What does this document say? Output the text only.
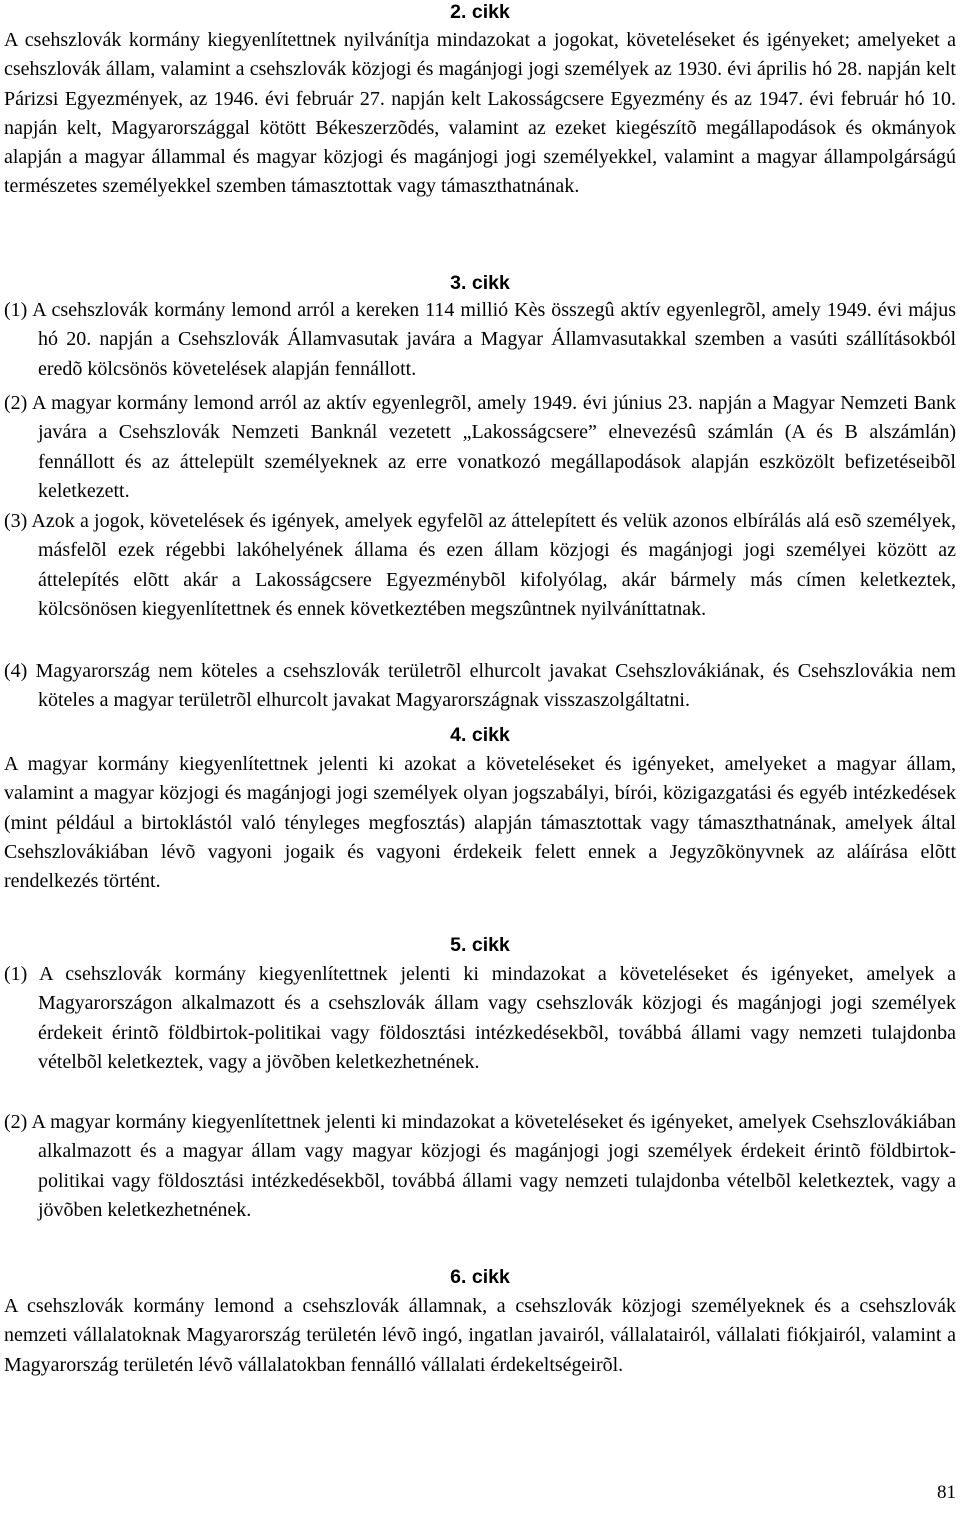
2. cikk
A csehszlovák kormány kiegyenlítettnek nyilvánítja mindazokat a jogokat, követeléseket és igényeket; amelyeket a csehszlovák állam, valamint a csehszlovák közjogi és magánjogi jogi személyek az 1930. évi április hó 28. napján kelt Párizsi Egyezmények, az 1946. évi február 27. napján kelt Lakosságcsere Egyezmény és az 1947. évi február hó 10. napján kelt, Magyarországgal kötött Békeszerzõdés, valamint az ezeket kiegészítõ megállapodások és okmányok alapján a magyar állammal és magyar közjogi és magánjogi jogi személyekkel, valamint a magyar állampolgárságú természetes személyekkel szemben támasztottak vagy támaszthatnának.
3. cikk
(1) A csehszlovák kormány lemond arról a kereken 114 millió Kès összegû aktív egyenlegrõl, amely 1949. évi május hó 20. napján a Csehszlovák Államvasutak javára a Magyar Államvasutakkal szemben a vasúti szállításokból eredõ kölcsönös követelések alapján fennállott.
(2) A magyar kormány lemond arról az aktív egyenlegrõl, amely 1949. évi június 23. napján a Magyar Nemzeti Bank javára a Csehszlovák Nemzeti Banknál vezetett „Lakosságcsere” elnevezésû számlán (A és B alszámlán) fennállott és az áttelepült személyeknek az erre vonatkozó megállapodások alapján eszközölt befizetéseibõl keletkezett.
(3) Azok a jogok, követelések és igények, amelyek egyfelõl az áttelepített és velük azonos elbírálás alá esõ személyek, másfelõl ezek régebbi lakóhelyének állama és ezen állam közjogi és magánjogi jogi személyei között az áttelepítés elõtt akár a Lakosságcsere Egyezménybõl kifolyólag, akár bármely más címen keletkeztek, kölcsönösen kiegyenlítettnek és ennek következtében megszûntnek nyilváníttatnak.
(4) Magyarország nem köteles a csehszlovák területrõl elhurcolt javakat Csehszlovákiának, és Csehszlovákia nem köteles a magyar területrõl elhurcolt javakat Magyarországnak visszaszolgáltatni.
4. cikk
A magyar kormány kiegyenlítettnek jelenti ki azokat a követeléseket és igényeket, amelyeket a magyar állam, valamint a magyar közjogi és magánjogi jogi személyek olyan jogszabályi, bírói, közigazgatási és egyéb intézkedések (mint például a birtoklástól való tényleges megfosztás) alapján támasztottak vagy támaszthatnának, amelyek által Csehszlovákiában lévõ vagyoni jogaik és vagyoni érdekeik felett ennek a Jegyzõkönyvnek az aláírása elõtt rendelkezés történt.
5. cikk
(1) A csehszlovák kormány kiegyenlítettnek jelenti ki mindazokat a követeléseket és igényeket, amelyek a Magyarországon alkalmazott és a csehszlovák állam vagy csehszlovák közjogi és magánjogi jogi személyek érdekeit érintõ földbirtok-politikai vagy földosztási intézkedésekbõl, továbbá állami vagy nemzeti tulajdonba vételbõl keletkeztek, vagy a jövõben keletkezhetnének.
(2) A magyar kormány kiegyenlítettnek jelenti ki mindazokat a követeléseket és igényeket, amelyek Csehszlovákiában alkalmazott és a magyar állam vagy magyar közjogi és magánjogi jogi személyek érdekeit érintõ földbirtok-politikai vagy földosztási intézkedésekbõl, továbbá állami vagy nemzeti tulajdonba vételbõl keletkeztek, vagy a jövõben keletkezhetnének.
6. cikk
A csehszlovák kormány lemond a csehszlovák államnak, a csehszlovák közjogi személyeknek és a csehszlovák nemzeti vállalatoknak Magyarország területén lévõ ingó, ingatlan javairól, vállalatairól, vállalati fiókjairól, valamint a Magyarország területén lévõ vállalatokban fennálló vállalati érdekeltségeirõl.
81
